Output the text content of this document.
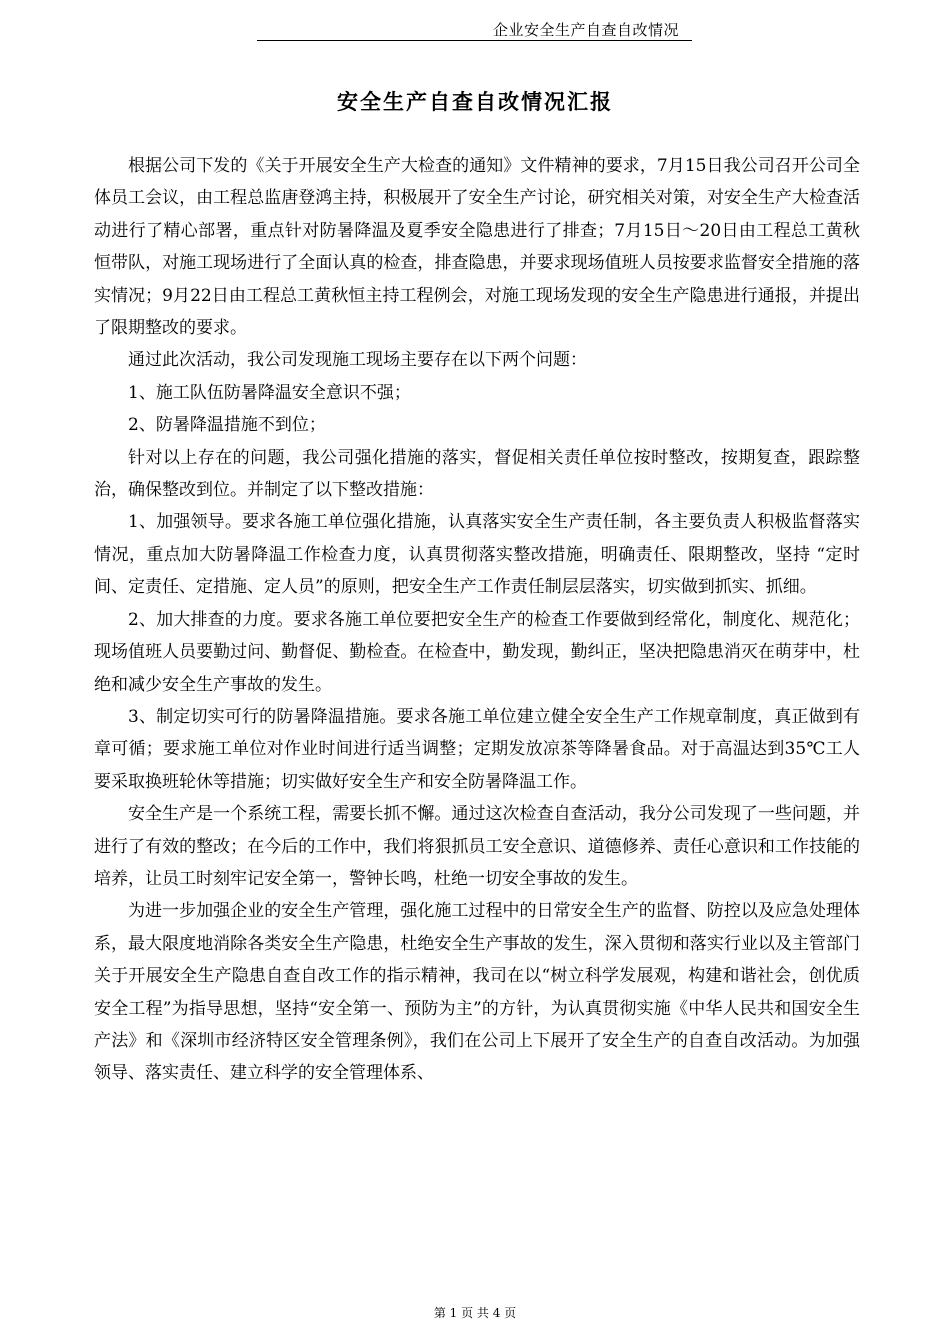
企业安全生产自查自改情况
安全生产自查自改情况汇报

根据公司下发的《关于开展安全生产大检查的通知》文件精神的要求，7月15日我公司召开公司全体员工会议，由工程总监唐登鸿主持，积极展开了安全生产讨论，研究相关对策，对安全生产大检查活动进行了精心部署，重点针对防暑降温及夏季安全隐患进行了排查；7月15日～20日由工程总工黄秋恒带队，对施工现场进行了全面认真的检查，排查隐患，并要求现场值班人员按要求监督安全措施的落实情况；9月22日由工程总工黄秋恒主持工程例会，对施工现场发现的安全生产隐患进行通报，并提出了限期整改的要求。

通过此次活动，我公司发现施工现场主要存在以下两个问题：

1、施工队伍防暑降温安全意识不强；

2、防暑降温措施不到位；

针对以上存在的问题，我公司强化措施的落实，督促相关责任单位按时整改，按期复查，跟踪整治，确保整改到位。并制定了以下整改措施：

1、加强领导。要求各施工单位强化措施，认真落实安全生产责任制，各主要负责人积极监督落实情况，重点加大防暑降温工作检查力度，认真贯彻落实整改措施，明确责任、限期整改，坚持 “定时间、定责任、定措施、定人员”的原则，把安全生产工作责任制层层落实，切实做到抓实、抓细。

2、加大排查的力度。要求各施工单位要把安全生产的检查工作要做到经常化，制度化、规范化；现场值班人员要勤过问、勤督促、勤检查。在检查中，勤发现，勤纠正，坚决把隐患消灭在萌芽中，杜绝和减少安全生产事故的发生。

3、制定切实可行的防暑降温措施。要求各施工单位建立健全安全生产工作规章制度，真正做到有章可循；要求施工单位对作业时间进行适当调整；定期发放凉茶等降暑食品。对于高温达到35℃工人要采取换班轮休等措施；切实做好安全生产和安全防暑降温工作。

安全生产是一个系统工程，需要长抓不懈。通过这次检查自查活动，我分公司发现了一些问题，并进行了有效的整改；在今后的工作中，我们将狠抓员工安全意识、道德修养、责任心意识和工作技能的培养，让员工时刻牢记安全第一，警钟长鸣，杜绝一切安全事故的发生。

为进一步加强企业的安全生产管理，强化施工过程中的日常安全生产的监督、防控以及应急处理体系，最大限度地消除各类安全生产隐患，杜绝安全生产事故的发生，深入贯彻和落实行业以及主管部门关于开展安全生产隐患自查自改工作的指示精神，我司在以“树立科学发展观，构建和谐社会，创优质安全工程”为指导思想，坚持“安全第一、预防为主”的方针，为认真贯彻实施《中华人民共和国安全生产法》和《深圳市经济特区安全管理条例》，我们在公司上下展开了安全生产的自查自改活动。为加强领导、落实责任、建立科学的安全管理体系、

第 1 页 共 4 页
